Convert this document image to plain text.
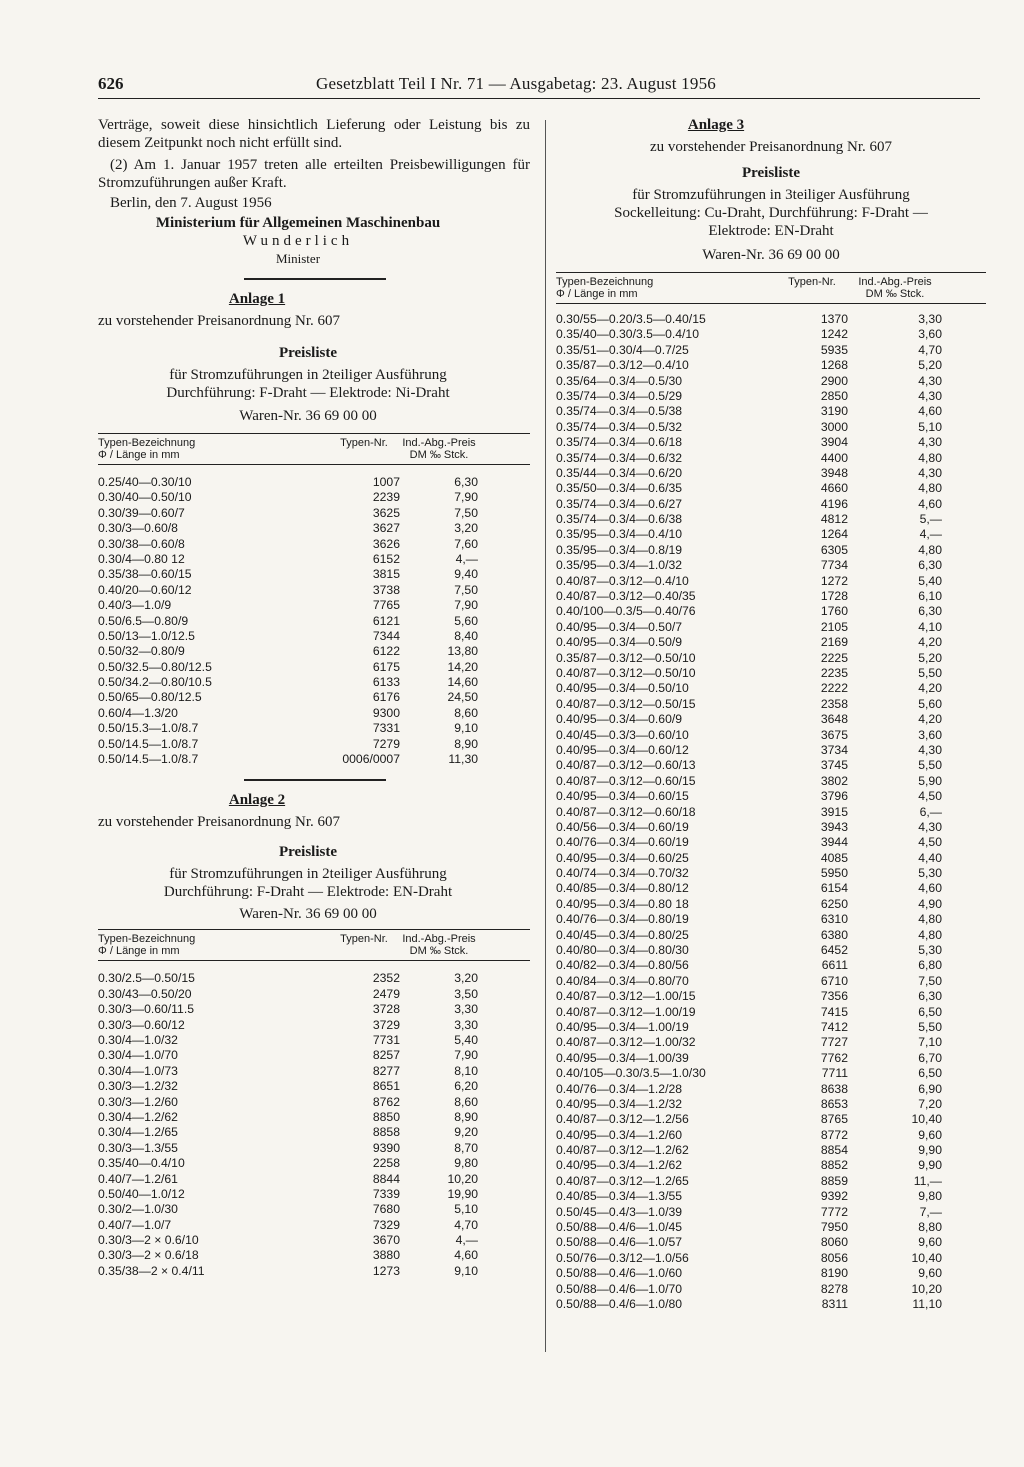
626	Gesetzblatt Teil I Nr. 71 — Ausgabetag: 23. August 1956

Verträge, soweit diese hinsichtlich Lieferung oder Leistung bis zu diesem Zeitpunkt noch nicht erfüllt sind.

(2) Am 1. Januar 1957 treten alle erteilten Preisbewilligungen für Stromzuführungen außer Kraft.

Berlin, den 7. August 1956

Ministerium für Allgemeinen Maschinenbau

Wunderlich

Minister

Anlage 1

zu vorstehender Preisanordnung Nr. 607

Preisliste

für Stromzuführungen in 2teiliger Ausführung

Durchführung: F-Draht — Elektrode: Ni-Draht

Waren-Nr. 36 69 00 00

Typen-Bezeichnung
Φ / Länge in mm
Typen-Nr.	Ind.-Abg.-Preis
DM ‰ Stck.
0.25/40—0.30/10	1007	6,30
0.30/40—0.50/10	2239	7,90
0.30/39—0.60/7	3625	7,50
0.30/3—0.60/8	3627	3,20
0.30/38—0.60/8	3626	7,60
0.30/4—0.80 12	6152	4,—
0.35/38—0.60/15	3815	9,40
0.40/20—0.60/12	3738	7,50
0.40/3—1.0/9	7765	7,90
0.50/6.5—0.80/9	6121	5,60
0.50/13—1.0/12.5	7344	8,40
0.50/32—0.80/9	6122	13,80
0.50/32.5—0.80/12.5	6175	14,20
0.50/34.2—0.80/10.5	6133	14,60
0.50/65—0.80/12.5	6176	24,50
0.60/4—1.3/20	9300	8,60
0.50/15.3—1.0/8.7	7331	9,10
0.50/14.5—1.0/8.7	7279	8,90
0.50/14.5—1.0/8.7	0006/0007	11,30

Anlage 2

zu vorstehender Preisanordnung Nr. 607

Preisliste

für Stromzuführungen in 2teiliger Ausführung

Durchführung: F-Draht — Elektrode: EN-Draht

Waren-Nr. 36 69 00 00

Typen-Bezeichnung
Φ / Länge in mm
Typen-Nr.	Ind.-Abg.-Preis
DM ‰ Stck.
0.30/2.5—0.50/15	2352	3,20
0.30/43—0.50/20	2479	3,50
0.30/3—0.60/11.5	3728	3,30
0.30/3—0.60/12	3729	3,30
0.30/4—1.0/32	7731	5,40
0.30/4—1.0/70	8257	7,90
0.30/4—1.0/73	8277	8,10
0.30/3—1.2/32	8651	6,20
0.30/3—1.2/60	8762	8,60
0.30/4—1.2/62	8850	8,90
0.30/4—1.2/65	8858	9,20
0.30/3—1.3/55	9390	8,70
0.35/40—0.4/10	2258	9,80
0.40/7—1.2/61	8844	10,20
0.50/40—1.0/12	7339	19,90
0.30/2—1.0/30	7680	5,10
0.40/7—1.0/7	7329	4,70
0.30/3—2 × 0.6/10	3670	4,—
0.30/3—2 × 0.6/18	3880	4,60
0.35/38—2 × 0.4/11	1273	9,10

Anlage 3

zu vorstehender Preisanordnung Nr. 607

Preisliste

für Stromzuführungen in 3teiliger Ausführung

Sockelleitung: Cu-Draht, Durchführung: F-Draht —

Elektrode: EN-Draht

Waren-Nr. 36 69 00 00

Typen-Bezeichnung
Φ / Länge in mm
Typen-Nr.	Ind.-Abg.-Preis
DM ‰ Stck.
0.30/55—0.20/3.5—0.40/15	1370	3,30
0.35/40—0.30/3.5—0.4/10	1242	3,60
0.35/51—0.30/4—0.7/25	5935	4,70
0.35/87—0.3/12—0.4/10	1268	5,20
0.35/64—0.3/4—0.5/30	2900	4,30
0.35/74—0.3/4—0.5/29	2850	4,30
0.35/74—0.3/4—0.5/38	3190	4,60
0.35/74—0.3/4—0.5/32	3000	5,10
0.35/74—0.3/4—0.6/18	3904	4,30
0.35/74—0.3/4—0.6/32	4400	4,80
0.35/44—0.3/4—0.6/20	3948	4,30
0.35/50—0.3/4—0.6/35	4660	4,80
0.35/74—0.3/4—0.6/27	4196	4,60
0.35/74—0.3/4—0.6/38	4812	5,—
0.35/95—0.3/4—0.4/10	1264	4,—
0.35/95—0.3/4—0.8/19	6305	4,80
0.35/95—0.3/4—1.0/32	7734	6,30
0.40/87—0.3/12—0.4/10	1272	5,40
0.40/87—0.3/12—0.40/35	1728	6,10
0.40/100—0.3/5—0.40/76	1760	6,30
0.40/95—0.3/4—0.50/7	2105	4,10
0.40/95—0.3/4—0.50/9	2169	4,20
0.35/87—0.3/12—0.50/10	2225	5,20
0.40/87—0.3/12—0.50/10	2235	5,50
0.40/95—0.3/4—0.50/10	2222	4,20
0.40/87—0.3/12—0.50/15	2358	5,60
0.40/95—0.3/4—0.60/9	3648	4,20
0.40/45—0.3/3—0.60/10	3675	3,60
0.40/95—0.3/4—0.60/12	3734	4,30
0.40/87—0.3/12—0.60/13	3745	5,50
0.40/87—0.3/12—0.60/15	3802	5,90
0.40/95—0.3/4—0.60/15	3796	4,50
0.40/87—0.3/12—0.60/18	3915	6,—
0.40/56—0.3/4—0.60/19	3943	4,30
0.40/76—0.3/4—0.60/19	3944	4,50
0.40/95—0.3/4—0.60/25	4085	4,40
0.40/74—0.3/4—0.70/32	5950	5,30
0.40/85—0.3/4—0.80/12	6154	4,60
0.40/95—0.3/4—0.80 18	6250	4,90
0.40/76—0.3/4—0.80/19	6310	4,80
0.40/45—0.3/4—0.80/25	6380	4,80
0.40/80—0.3/4—0.80/30	6452	5,30
0.40/82—0.3/4—0.80/56	6611	6,80
0.40/84—0.3/4—0.80/70	6710	7,50
0.40/87—0.3/12—1.00/15	7356	6,30
0.40/87—0.3/12—1.00/19	7415	6,50
0.40/95—0.3/4—1.00/19	7412	5,50
0.40/87—0.3/12—1.00/32	7727	7,10
0.40/95—0.3/4—1.00/39	7762	6,70
0.40/105—0.30/3.5—1.0/30	7711	6,50
0.40/76—0.3/4—1.2/28	8638	6,90
0.40/95—0.3/4—1.2/32	8653	7,20
0.40/87—0.3/12—1.2/56	8765	10,40
0.40/95—0.3/4—1.2/60	8772	9,60
0.40/87—0.3/12—1.2/62	8854	9,90
0.40/95—0.3/4—1.2/62	8852	9,90
0.40/87—0.3/12—1.2/65	8859	11,—
0.40/85—0.3/4—1.3/55	9392	9,80
0.50/45—0.4/3—1.0/39	7772	7,—
0.50/88—0.4/6—1.0/45	7950	8,80
0.50/88—0.4/6—1.0/57	8060	9,60
0.50/76—0.3/12—1.0/56	8056	10,40
0.50/88—0.4/6—1.0/60	8190	9,60
0.50/88—0.4/6—1.0/70	8278	10,20
0.50/88—0.4/6—1.0/80	8311	11,10
